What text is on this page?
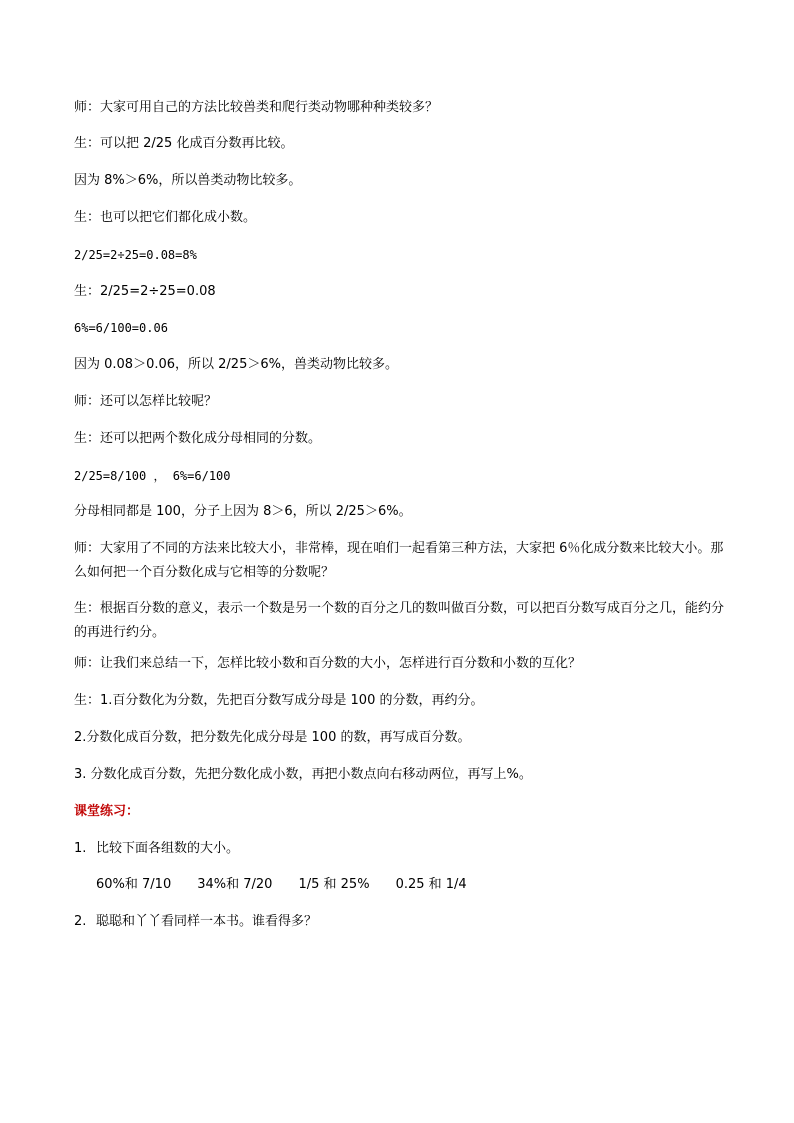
师：大家可用自己的方法比较兽类和爬行类动物哪种种类较多？
生：可以把 2/25 化成百分数再比较。
因为 8%＞6%，所以兽类动物比较多。
生：也可以把它们都化成小数。
2/25=2÷25=0.08=8%
生：2/25=2÷25=0.08
6%=6/100=0.06
因为 0.08＞0.06，所以 2/25＞6%，兽类动物比较多。
师：还可以怎样比较呢？
生：还可以把两个数化成分母相同的分数。
2/25=8/100 ， 6%=6/100
分母相同都是 100，分子上因为 8＞6，所以 2/25＞6%。
师：大家用了不同的方法来比较大小，非常棒，现在咱们一起看第三种方法，大家把 6％化成分数来比较大小。那么如何把一个百分数化成与它相等的分数呢？
生：根据百分数的意义，表示一个数是另一个数的百分之几的数叫做百分数，可以把百分数写成百分之几，能约分的再进行约分。
师：让我们来总结一下，怎样比较小数和百分数的大小，怎样进行百分数和小数的互化？
生：1.百分数化为分数，先把百分数写成分母是 100 的分数，再约分。
2.分数化成百分数，把分数先化成分母是 100 的数，再写成百分数。
3. 分数化成百分数，先把分数化成小数，再把小数点向右移动两位，再写上%。
课堂练习：
1. 比较下面各组数的大小。
60%和 7/10 34%和 7/20 1/5 和 25% 0.25 和 1/4
2. 聪聪和丫丫看同样一本书。谁看得多？
